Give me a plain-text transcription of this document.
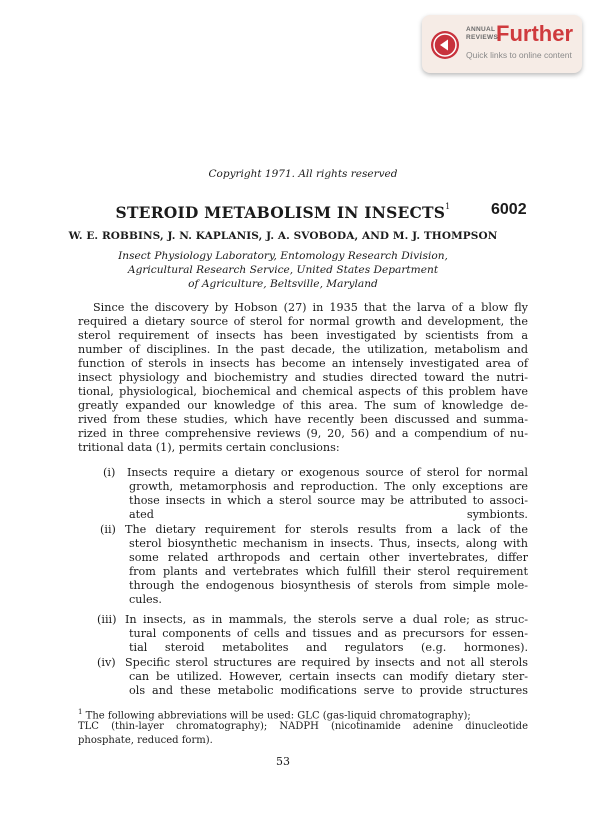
ANNUAL
REVIEWS
Further
Quick links to online content
Copyright 1971. All rights reserved
STEROID METABOLISM IN INSECTS$^1$	6002
W. E. ROBBINS, J. N. KAPLANIS, J. A. SVOBODA, AND M. J. THOMPSON
Insect Physiology Laboratory, Entomology Research Division,
Agricultural Research Service, United States Department
of Agriculture, Beltsville, Maryland
Since the discovery by Hobson (27) in 1935 that the larva of a blow fly
required a dietary source of sterol for normal growth and development, the
sterol requirement of insects has been investigated by scientists from a
number of disciplines. In the past decade, the utilization, metabolism and
function of sterols in insects has become an intensely investigated area of
insect physiology and biochemistry and studies directed toward the nutri-
tional, physiological, biochemical and chemical aspects of this problem have
greatly expanded our knowledge of this area. The sum of knowledge de-
rived from these studies, which have recently been discussed and summa-
rized in three comprehensive reviews (9, 20, 56) and a compendium of nu-
tritional data (1), permits certain conclusions:
(i) Insects require a dietary or exogenous source of sterol for normal
growth, metamorphosis and reproduction. The only exceptions are
those insects in which a sterol source may be attributed to associ-
ated symbionts.
(ii) The dietary requirement for sterols results from a lack of the
sterol biosynthetic mechanism in insects. Thus, insects, along with
some related arthropods and certain other invertebrates, differ
from plants and vertebrates which fulfill their sterol requirement
through the endogenous biosynthesis of sterols from simple mole-
cules.
(iii) In insects, as in mammals, the sterols serve a dual role; as struc-
tural components of cells and tissues and as precursors for essen-
tial steroid metabolites and regulators (e.g. hormones).
(iv) Specific sterol structures are required by insects and not all sterols
can be utilized. However, certain insects can modify dietary ster-
ols and these metabolic modifications serve to provide structures
$^1$ The following abbreviations will be used: GLC (gas-liquid chromatography);
TLC (thin-layer chromatography); NADPH (nicotinamide adenine dinucleotide
phosphate, reduced form).
53
